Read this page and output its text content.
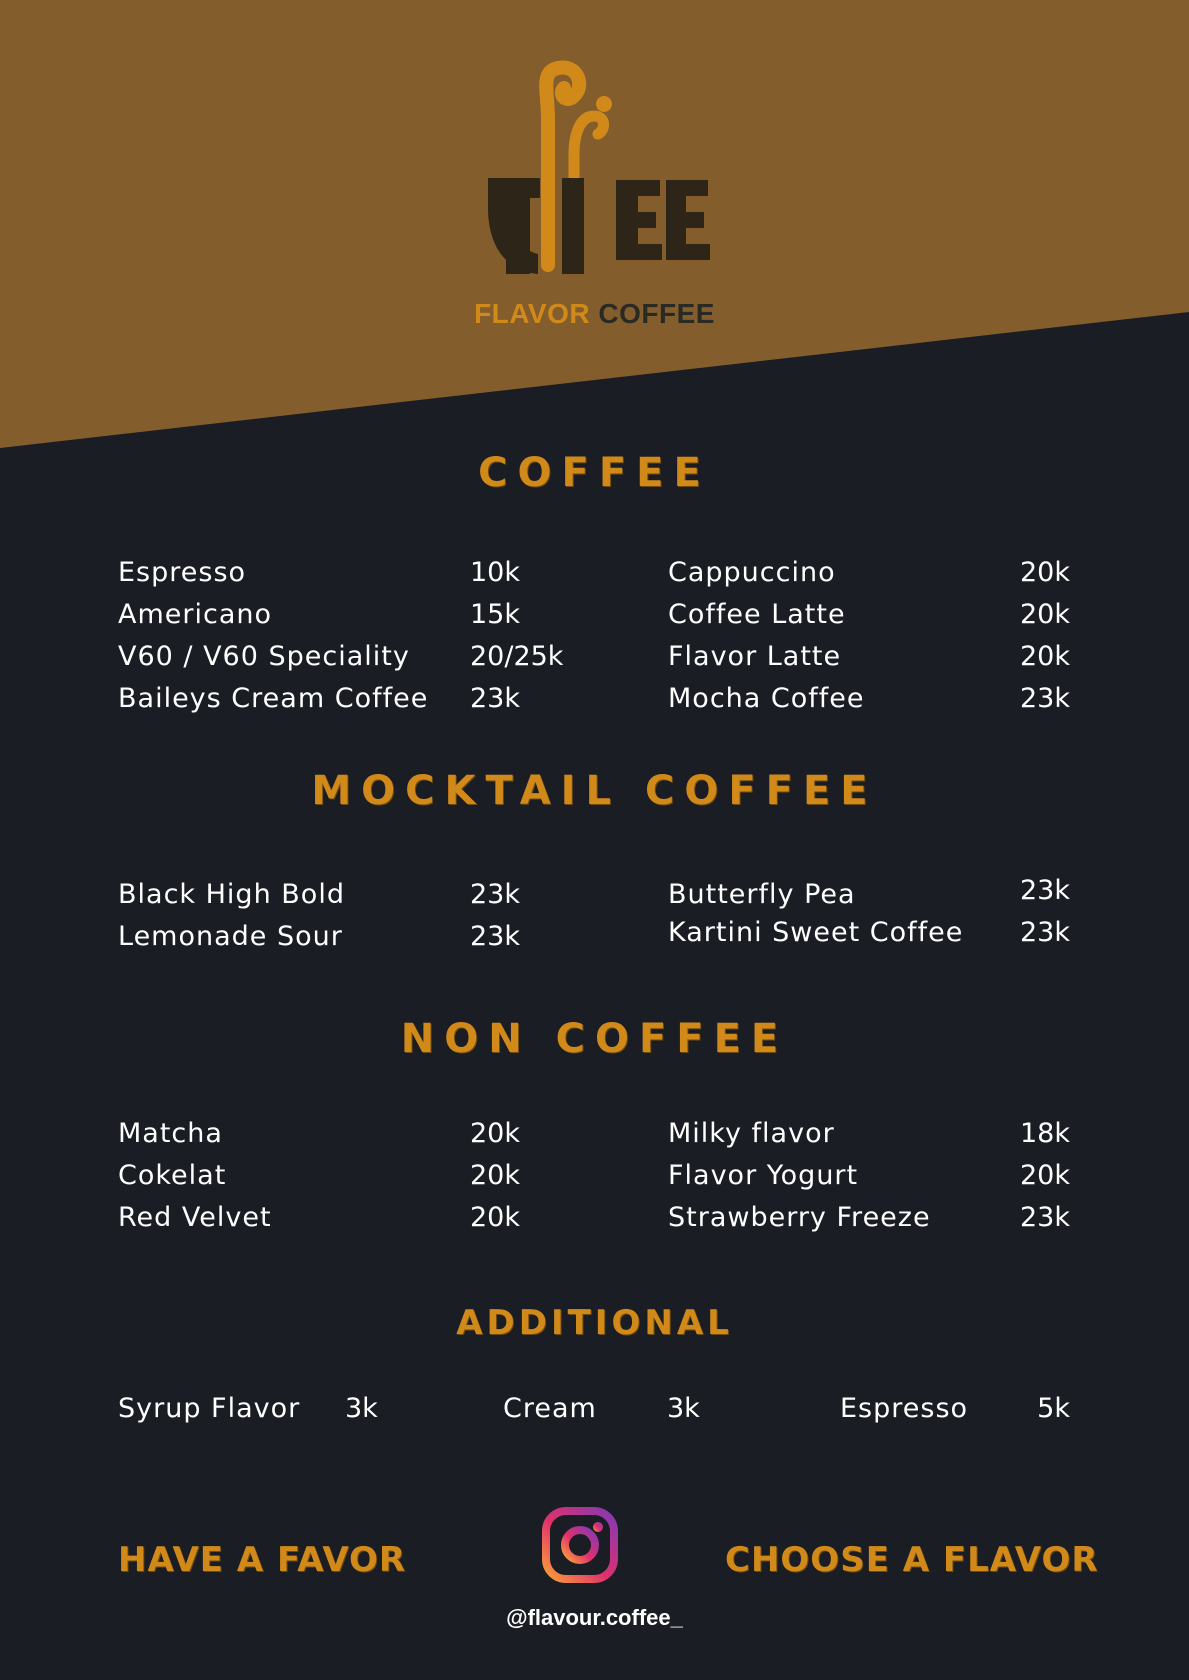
FLAVOR COFFEE
COFFEE
Espresso	10k
Americano	15k
V60 / V60 Speciality 20/25k
Baileys Cream Coffee 23k
Cappuccino	20k
Coffee Latte	20k
Flavor Latte	20k
Mocha Coffee	23k
MOCKTAIL COFFEE
Black High Bold	23k
Lemonade Sour	23k
Butterfly Pea	23k
Kartini Sweet Coffee	23k
NON COFFEE
Matcha	20k
Cokelat	20k
Red Velvet	20k
Milky flavor	18k
Flavor Yogurt	20k
Strawberry Freeze	23k
ADDITIONAL
Syrup Flavor 3k	Cream	3k	Espresso	5k
HAVE A FAVOR	CHOOSE A FLAVOR
@flavour.coffee_
